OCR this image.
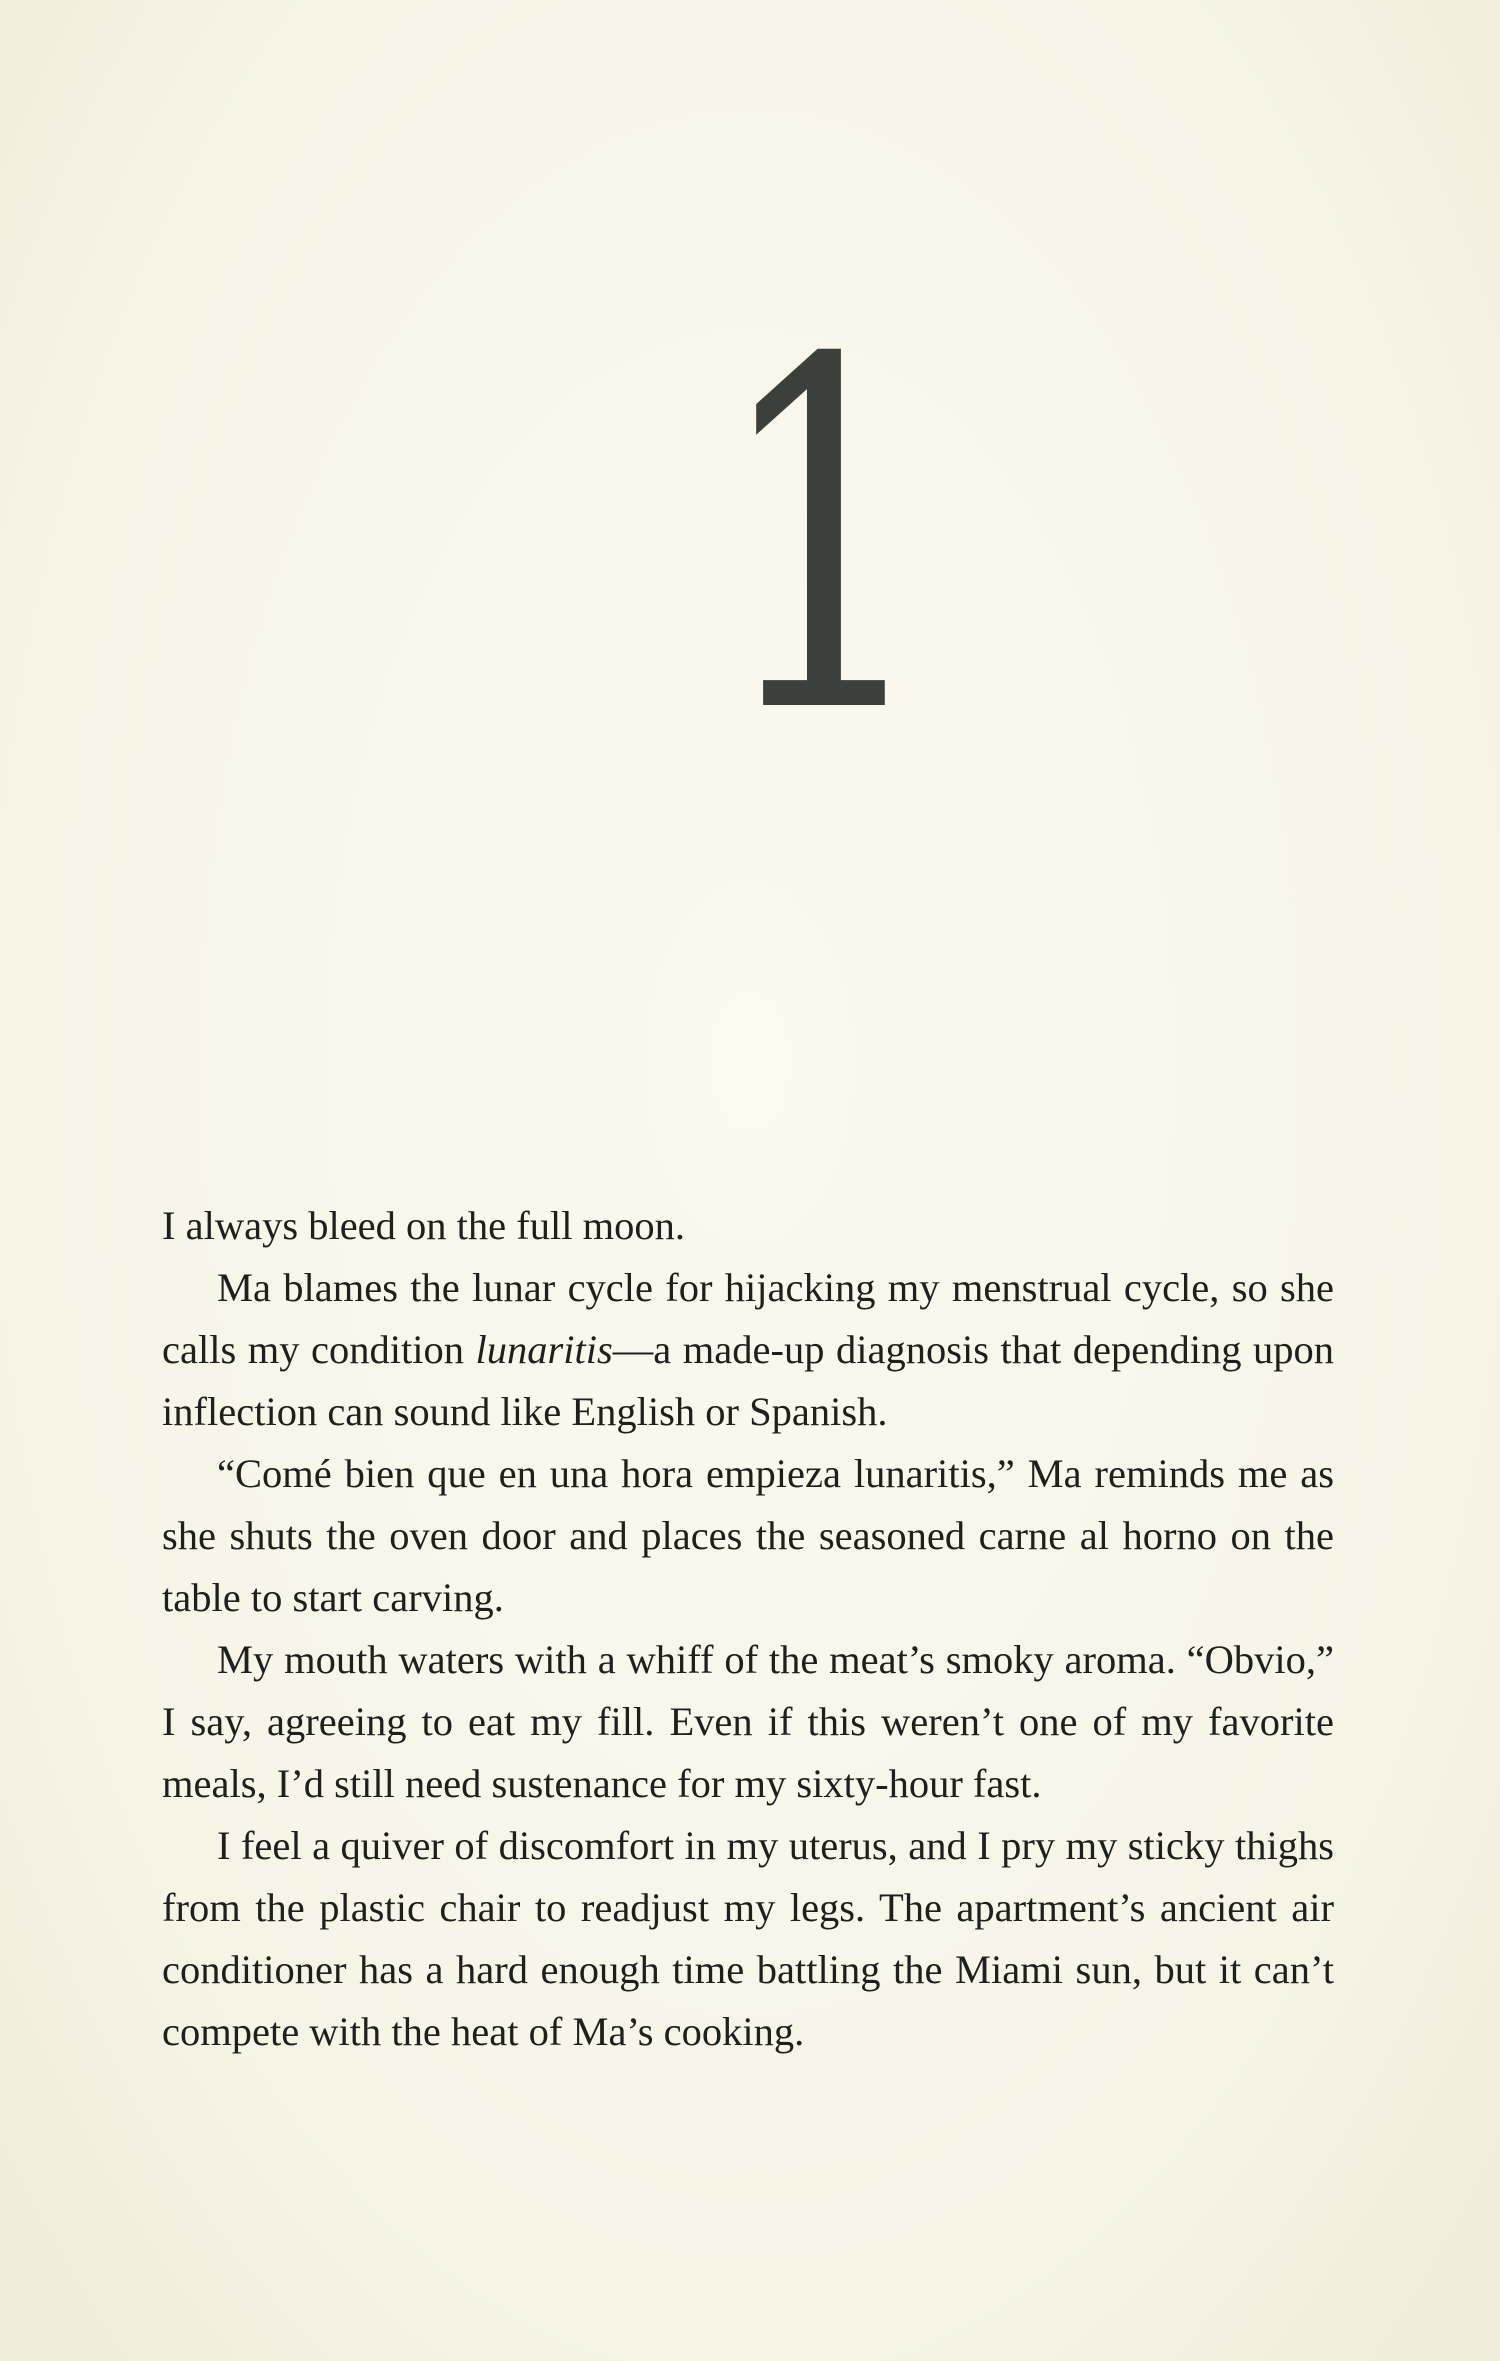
1

I always bleed on the full moon.

Ma blames the lunar cycle for hijacking my menstrual cycle, so she calls my condition lunaritis—a made-up diagnosis that depending upon inflection can sound like English or Spanish.

“Comé bien que en una hora empieza lunaritis,” Ma reminds me as she shuts the oven door and places the seasoned carne al horno on the table to start carving.

My mouth waters with a whiff of the meat’s smoky aroma. “Obvio,” I say, agreeing to eat my fill. Even if this weren’t one of my favorite meals, I’d still need sustenance for my sixty-hour fast.

I feel a quiver of discomfort in my uterus, and I pry my sticky thighs from the plastic chair to readjust my legs. The apartment’s ancient air conditioner has a hard enough time battling the Miami sun, but it can’t compete with the heat of Ma’s cooking.
